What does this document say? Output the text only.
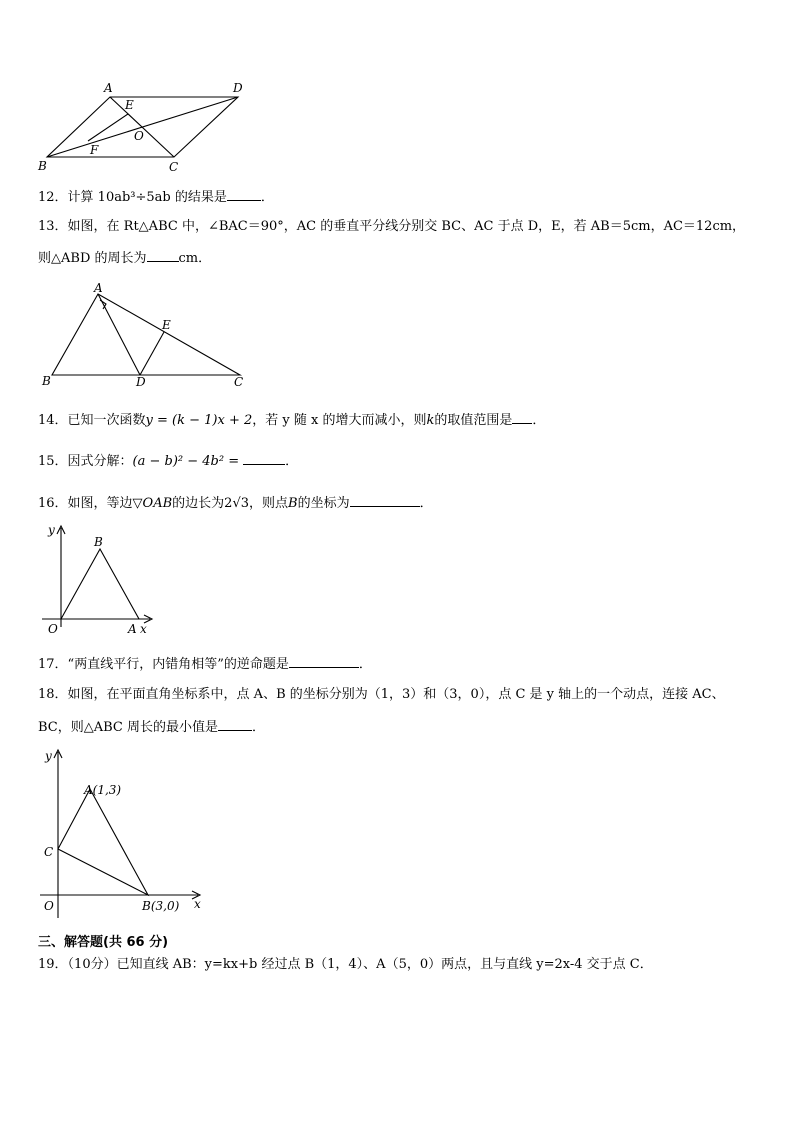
A	D
E
O
B
F
C
12．计算 10ab³÷5ab 的结果是	．
13．如图，在 Rt△ABC 中，∠BAC＝90°，AC 的垂直平分线分别交 BC、AC 于点 D，E，若 AB＝5cm，AC＝12cm，
则△ABD 的周长为 cm．
A
E
B	D	C
14．已知一次函数y = (k − 1)x + 2，若 y 随 x 的增大而减小，则k的取值范围是 ．
15．因式分解：(a − b)² − 4b² =	．
16．如图，等边▽OAB的边长为2√3，则点B的坐标为	．
y
B
O	A x
17．“两直线平行，内错角相等”的逆命题是	．
18．如图，在平面直角坐标系中，点 A、B 的坐标分别为（1，3）和（3，0），点 C 是 y 轴上的一个动点，连接 AC、
BC，则△ABC 周长的最小值是	．
y
A(1,3)
C
O	B(3,0) x
三、解答题(共 66 分)
19．（10分）已知直线 AB：y=kx+b 经过点 B（1，4）、A（5，0）两点，且与直线 y=2x-4 交于点 C．
